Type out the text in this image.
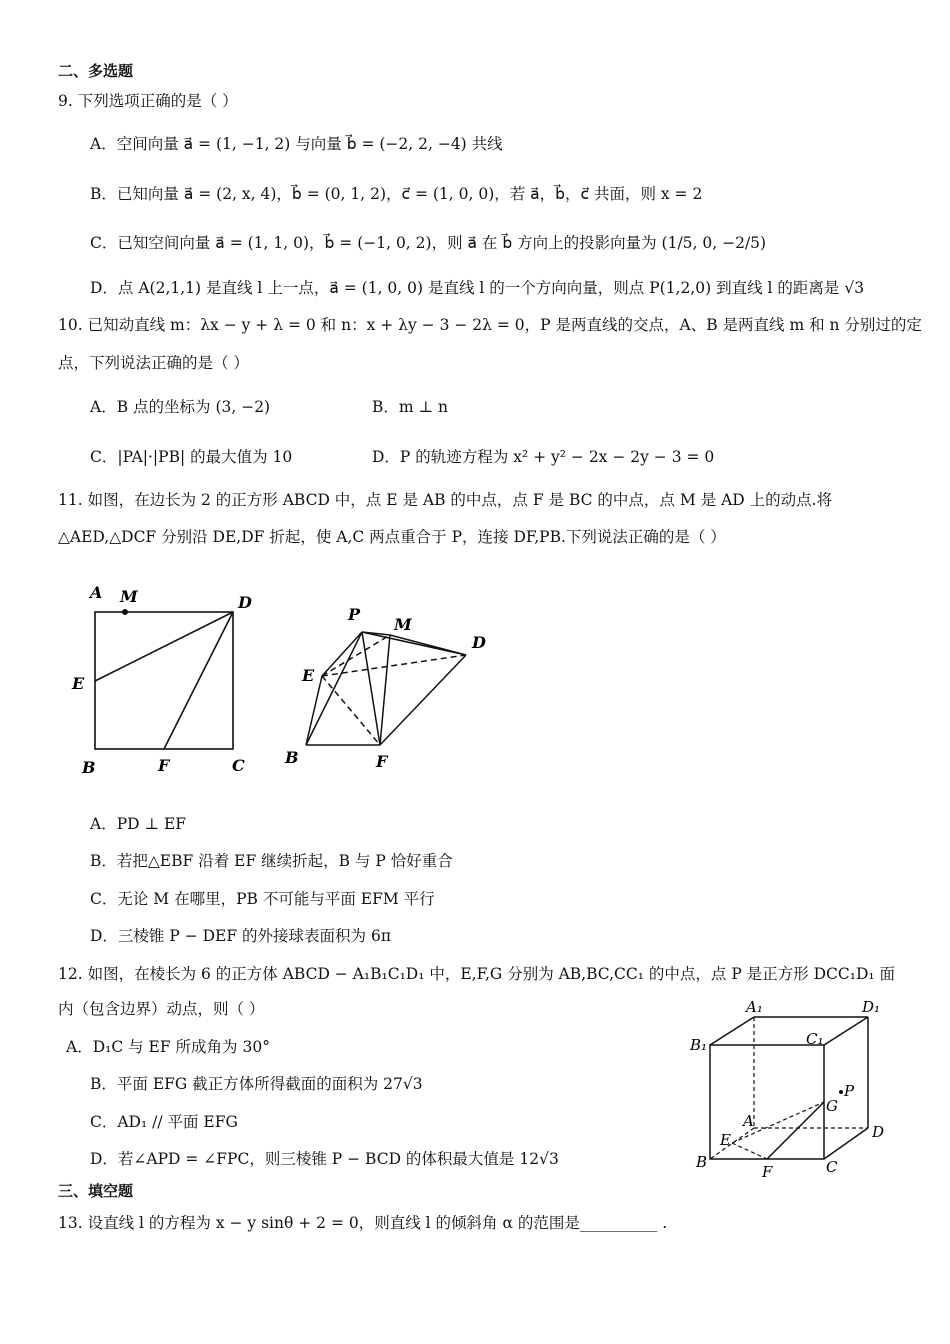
二、多选题
9. 下列选项正确的是（ ）
A．空间向量 a⃗ = (1, −1, 2) 与向量 b⃗ = (−2, 2, −4) 共线
B．已知向量 a⃗ = (2, x, 4)，b⃗ = (0, 1, 2)，c⃗ = (1, 0, 0)，若 a⃗，b⃗，c⃗ 共面，则 x = 2
C．已知空间向量 a⃗ = (1, 1, 0)，b⃗ = (−1, 0, 2)，则 a⃗ 在 b⃗ 方向上的投影向量为 (1/5, 0, −2/5)
D．点 A(2,1,1) 是直线 l 上一点，a⃗ = (1, 0, 0) 是直线 l 的一个方向向量，则点 P(1,2,0) 到直线 l 的距离是 √3
10. 已知动直线 m：λx − y + λ = 0 和 n：x + λy − 3 − 2λ = 0，P 是两直线的交点，A、B 是两直线 m 和 n 分别过的定
点，下列说法正确的是（ ）
A．B 点的坐标为 (3, −2)	B．m ⊥ n
C．|PA|·|PB| 的最大值为 10	D．P 的轨迹方程为 x² + y² − 2x − 2y − 3 = 0
11. 如图，在边长为 2 的正方形 ABCD 中，点 E 是 AB 的中点，点 F 是 BC 的中点，点 M 是 AD 上的动点.将
△AED,△DCF 分别沿 DE,DF 折起，使 A,C 两点重合于 P，连接 DF,PB.下列说法正确的是（ ）
A M	D
E
B	F	C
P
M
D
E
B	F
A．PD ⊥ EF
B．若把△EBF 沿着 EF 继续折起，B 与 P 恰好重合
C．无论 M 在哪里，PB 不可能与平面 EFM 平行
D．三棱锥 P − DEF 的外接球表面积为 6π
12. 如图，在棱长为 6 的正方体 ABCD − A₁B₁C₁D₁ 中，E,F,G 分别为 AB,BC,CC₁ 的中点，点 P 是正方形 DCC₁D₁ 面
内（包含边界）动点，则（ ）
A．D₁C 与 EF 所成角为 30°
B．平面 EFG 截正方体所得截面的面积为 27√3
C．AD₁ // 平面 EFG
D．若∠APD = ∠FPC，则三棱锥 P − BCD 的体积最大值是 12√3
A₁	D₁
B₁	C₁
P
G
A
D
E
B
F	C
三、填空题
13. 设直线 l 的方程为 x − y sinθ + 2 = 0，则直线 l 的倾斜角 α 的范围是__________ .
